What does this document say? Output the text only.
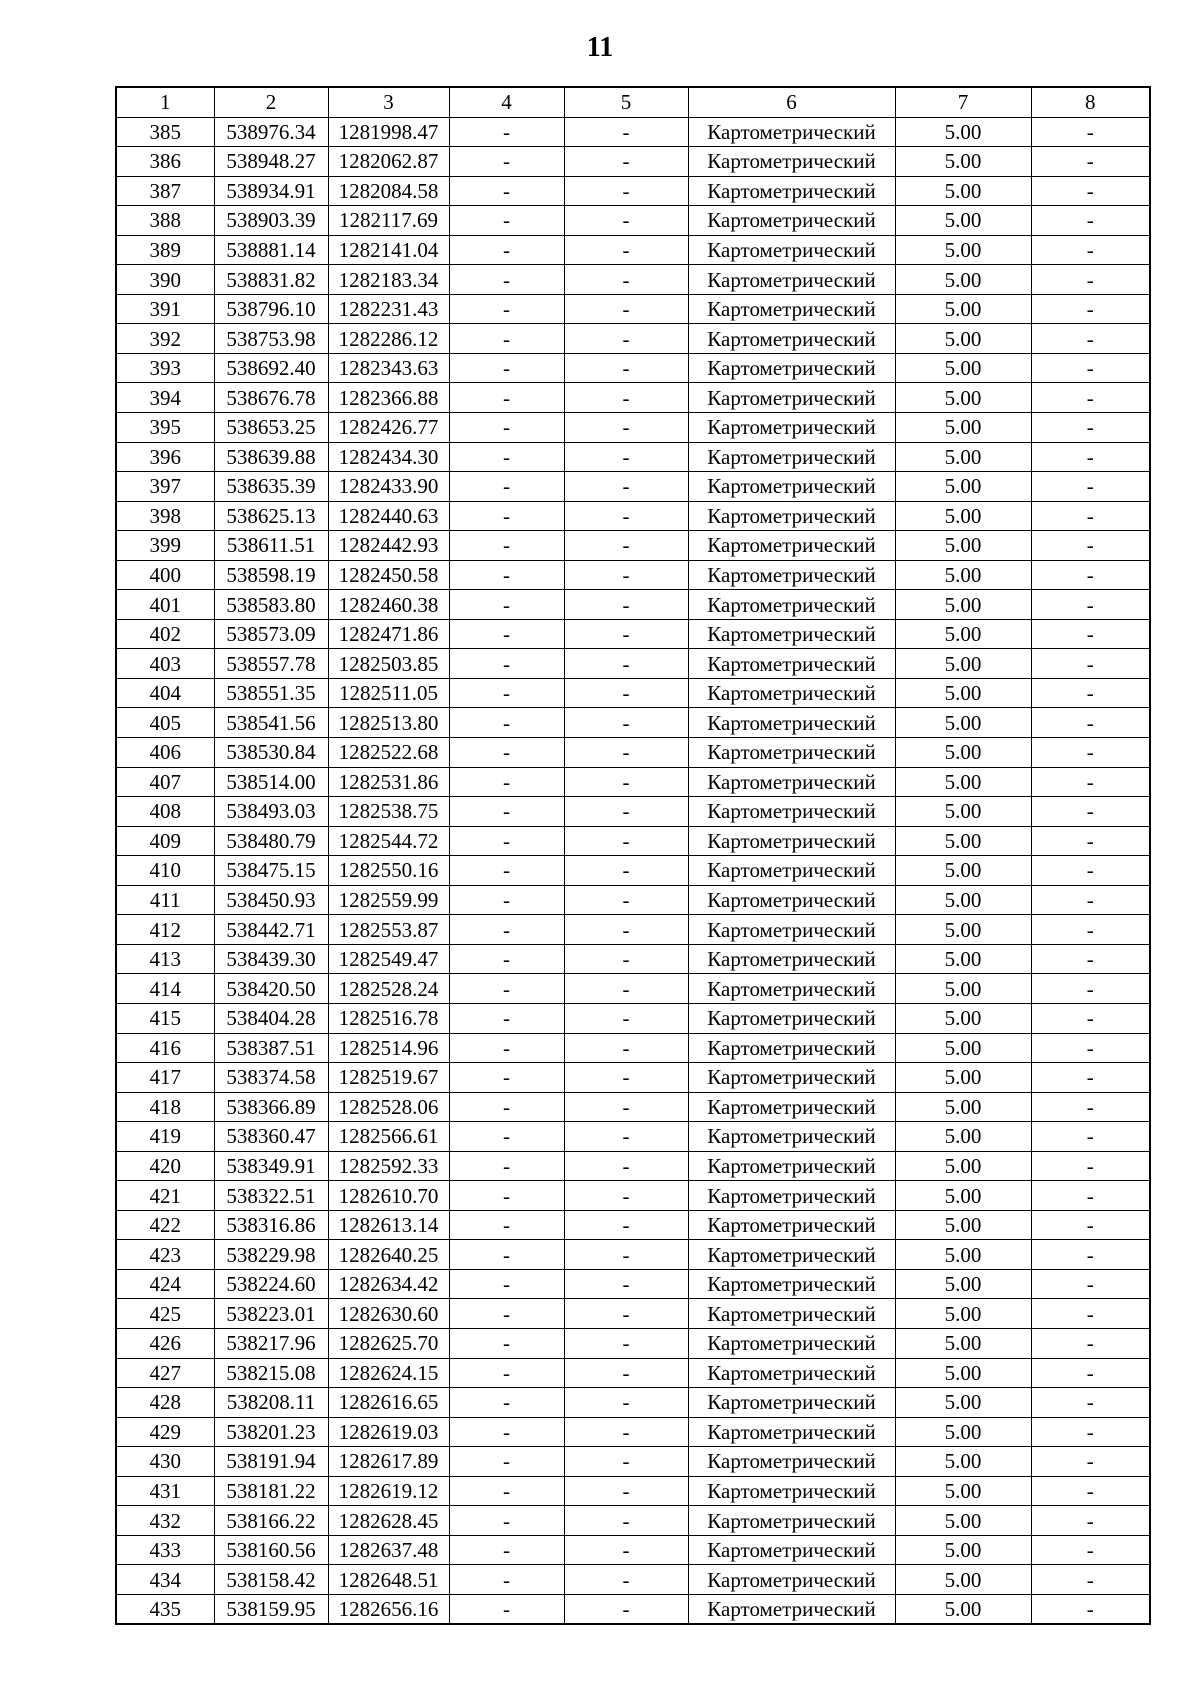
11
1	2	3	4	5	6	7	8
385	538976.34	1281998.47	-	-	Картометрический	5.00	-
386	538948.27	1282062.87	-	-	Картометрический	5.00	-
387	538934.91	1282084.58	-	-	Картометрический	5.00	-
388	538903.39	1282117.69	-	-	Картометрический	5.00	-
389	538881.14	1282141.04	-	-	Картометрический	5.00	-
390	538831.82	1282183.34	-	-	Картометрический	5.00	-
391	538796.10	1282231.43	-	-	Картометрический	5.00	-
392	538753.98	1282286.12	-	-	Картометрический	5.00	-
393	538692.40	1282343.63	-	-	Картометрический	5.00	-
394	538676.78	1282366.88	-	-	Картометрический	5.00	-
395	538653.25	1282426.77	-	-	Картометрический	5.00	-
396	538639.88	1282434.30	-	-	Картометрический	5.00	-
397	538635.39	1282433.90	-	-	Картометрический	5.00	-
398	538625.13	1282440.63	-	-	Картометрический	5.00	-
399	538611.51	1282442.93	-	-	Картометрический	5.00	-
400	538598.19	1282450.58	-	-	Картометрический	5.00	-
401	538583.80	1282460.38	-	-	Картометрический	5.00	-
402	538573.09	1282471.86	-	-	Картометрический	5.00	-
403	538557.78	1282503.85	-	-	Картометрический	5.00	-
404	538551.35	1282511.05	-	-	Картометрический	5.00	-
405	538541.56	1282513.80	-	-	Картометрический	5.00	-
406	538530.84	1282522.68	-	-	Картометрический	5.00	-
407	538514.00	1282531.86	-	-	Картометрический	5.00	-
408	538493.03	1282538.75	-	-	Картометрический	5.00	-
409	538480.79	1282544.72	-	-	Картометрический	5.00	-
410	538475.15	1282550.16	-	-	Картометрический	5.00	-
411	538450.93	1282559.99	-	-	Картометрический	5.00	-
412	538442.71	1282553.87	-	-	Картометрический	5.00	-
413	538439.30	1282549.47	-	-	Картометрический	5.00	-
414	538420.50	1282528.24	-	-	Картометрический	5.00	-
415	538404.28	1282516.78	-	-	Картометрический	5.00	-
416	538387.51	1282514.96	-	-	Картометрический	5.00	-
417	538374.58	1282519.67	-	-	Картометрический	5.00	-
418	538366.89	1282528.06	-	-	Картометрический	5.00	-
419	538360.47	1282566.61	-	-	Картометрический	5.00	-
420	538349.91	1282592.33	-	-	Картометрический	5.00	-
421	538322.51	1282610.70	-	-	Картометрический	5.00	-
422	538316.86	1282613.14	-	-	Картометрический	5.00	-
423	538229.98	1282640.25	-	-	Картометрический	5.00	-
424	538224.60	1282634.42	-	-	Картометрический	5.00	-
425	538223.01	1282630.60	-	-	Картометрический	5.00	-
426	538217.96	1282625.70	-	-	Картометрический	5.00	-
427	538215.08	1282624.15	-	-	Картометрический	5.00	-
428	538208.11	1282616.65	-	-	Картометрический	5.00	-
429	538201.23	1282619.03	-	-	Картометрический	5.00	-
430	538191.94	1282617.89	-	-	Картометрический	5.00	-
431	538181.22	1282619.12	-	-	Картометрический	5.00	-
432	538166.22	1282628.45	-	-	Картометрический	5.00	-
433	538160.56	1282637.48	-	-	Картометрический	5.00	-
434	538158.42	1282648.51	-	-	Картометрический	5.00	-
435	538159.95	1282656.16	-	-	Картометрический	5.00	-
